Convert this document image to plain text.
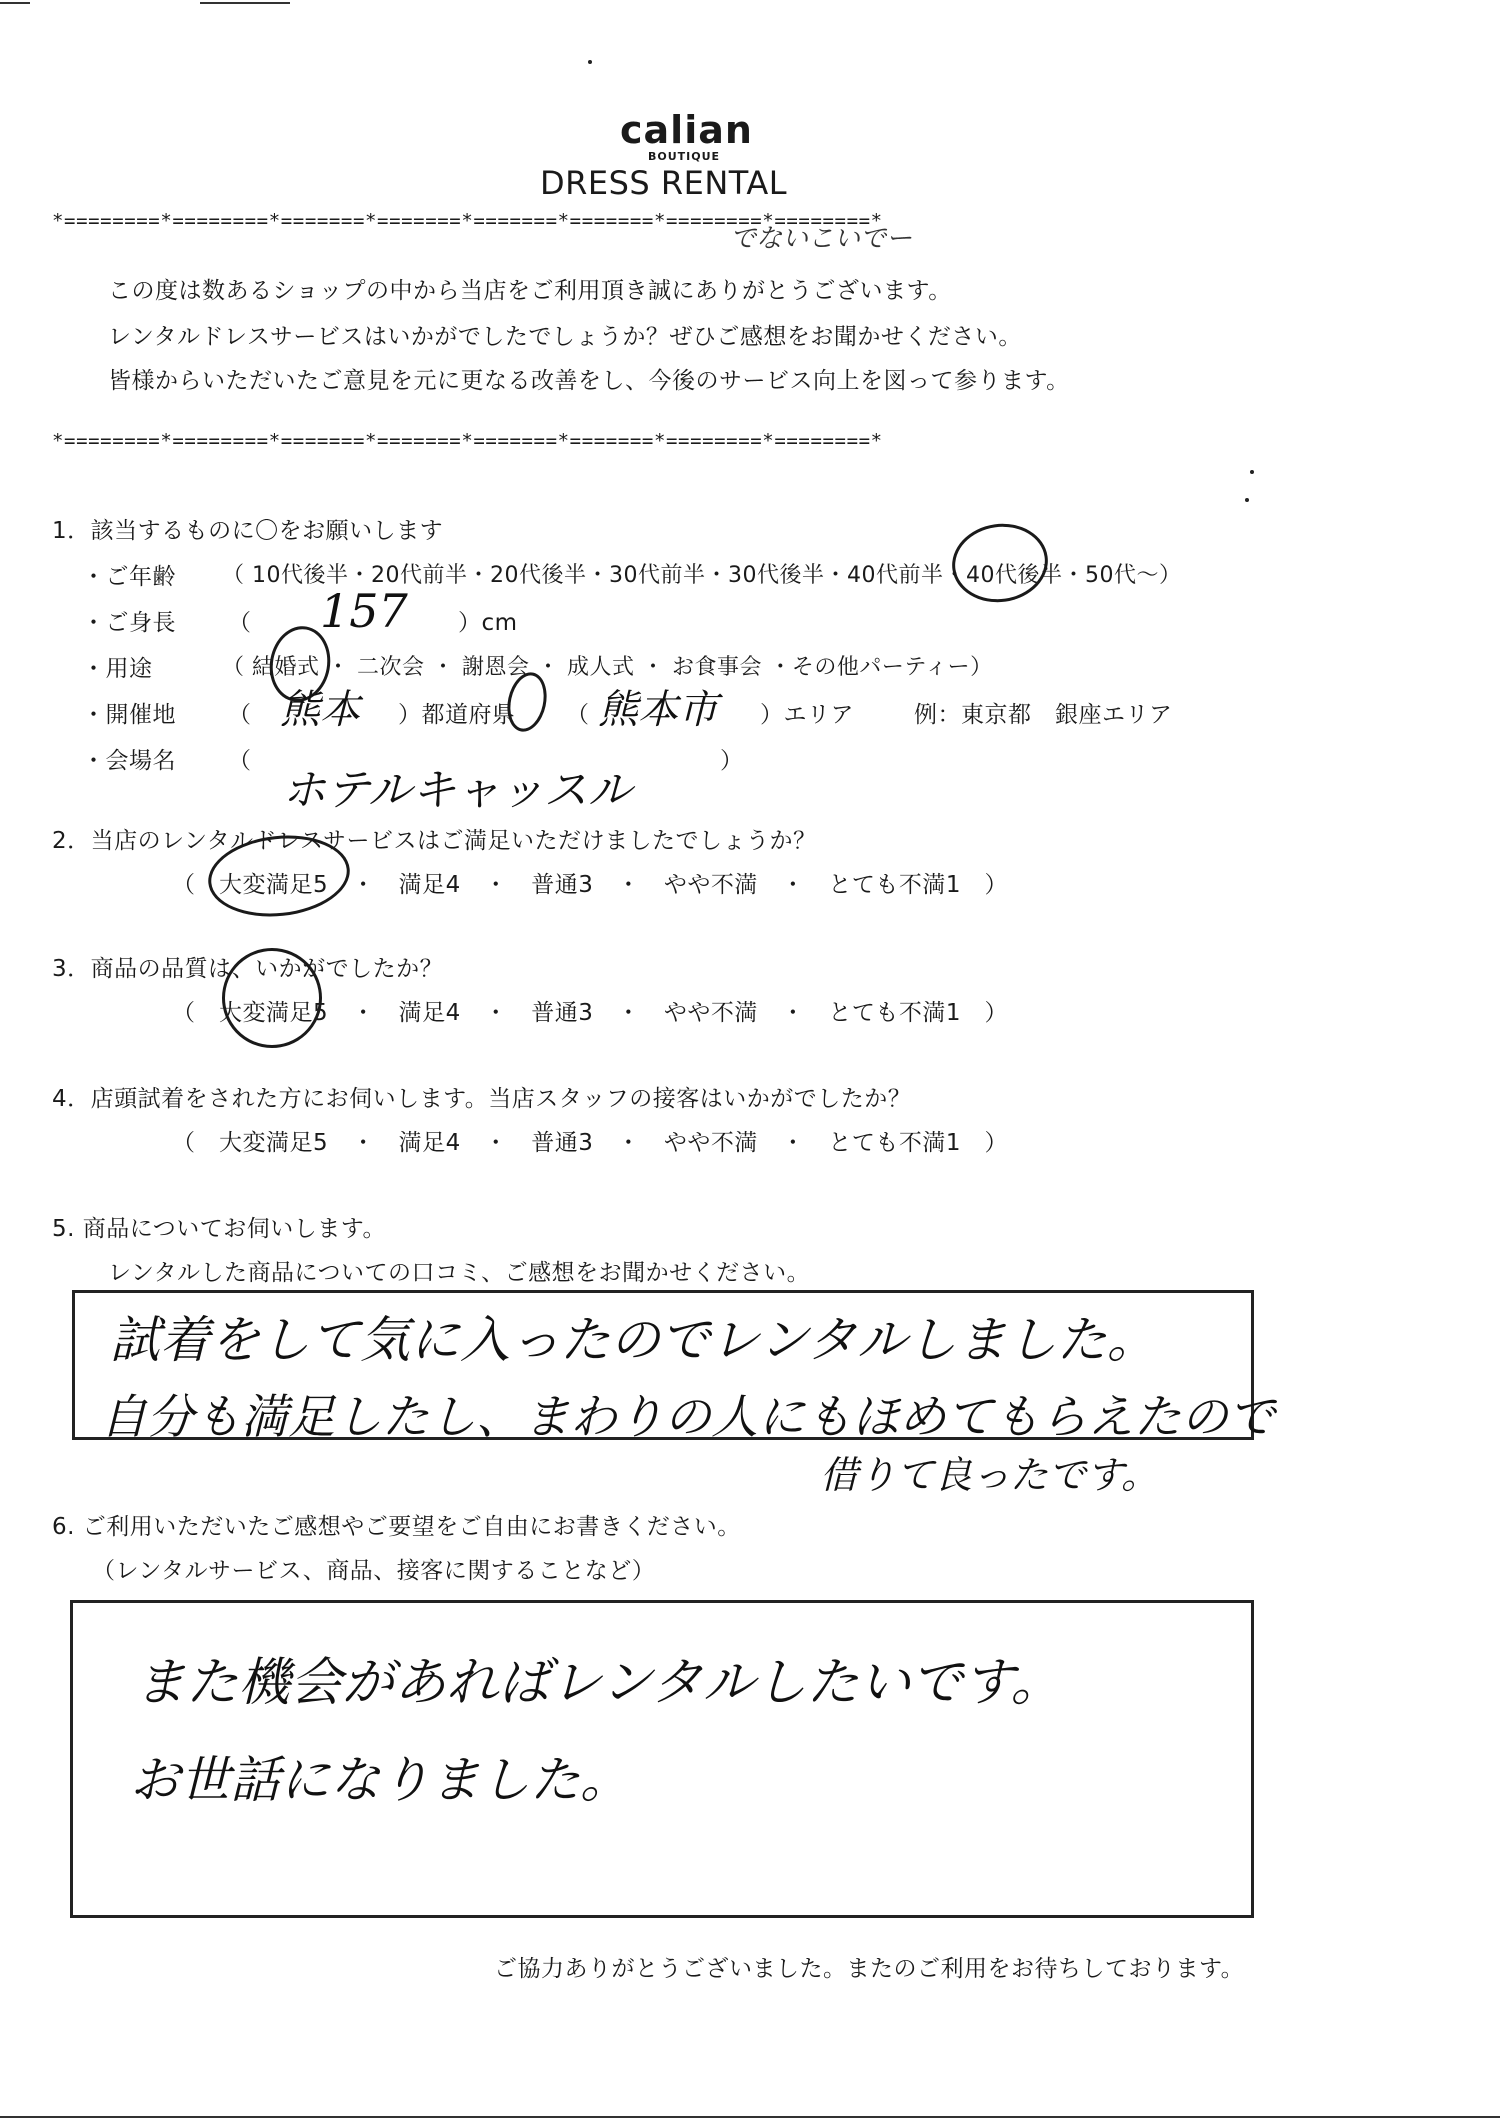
calian
BOUTIQUE
DRESS RENTAL
*========*========*=======*=======*=======*=======*========*========*
でないこいでー
この度は数あるショップの中から当店をご利用頂き誠にありがとうございます。
レンタルドレスサービスはいかがでしたでしょうか？ぜひご感想をお聞かせください。
皆様からいただいたご意見を元に更なる改善をし、今後のサービス向上を図って参ります。
*========*========*=======*=======*=======*=======*========*========*
1．該当するものに〇をお願いします
・ご年齢 （ 10代後半・20代前半・20代後半・30代前半・30代後半・40代前半・40代後半・50代～）
・ご身長 （ 157 ）cm
・用途	（ 結婚式 ・ 二次会 ・ 謝恩会 ・ 成人式 ・ お食事会 ・その他パーティー）
・開催地 （ 熊本 ）都道府県 （ 熊本市 ）エリア	例：東京都　銀座エリア
・会場名 （	）
ホテルキャッスル
2．当店のレンタルドレスサービスはご満足いただけましたでしょうか？
（　大変満足5　・　満足4　・　普通3　・　やや不満　・　とても不満1　）
3．商品の品質は、いかがでしたか？
（　大変満足5　・　満足4　・　普通3　・　やや不満　・　とても不満1　）
4．店頭試着をされた方にお伺いします。当店スタッフの接客はいかがでしたか？
（　大変満足5　・　満足4　・　普通3　・　やや不満　・　とても不満1　）
5. 商品についてお伺いします。
レンタルした商品についての口コミ、ご感想をお聞かせください。
試着をして気に入ったのでレンタルしました。
自分も満足したし、まわりの人にもほめてもらえたので
借りて良ったです。
6. ご利用いただいたご感想やご要望をご自由にお書きください。
（レンタルサービス、商品、接客に関することなど）
また機会があればレンタルしたいです。
お世話になりました。
ご協力ありがとうございました。またのご利用をお待ちしております。
